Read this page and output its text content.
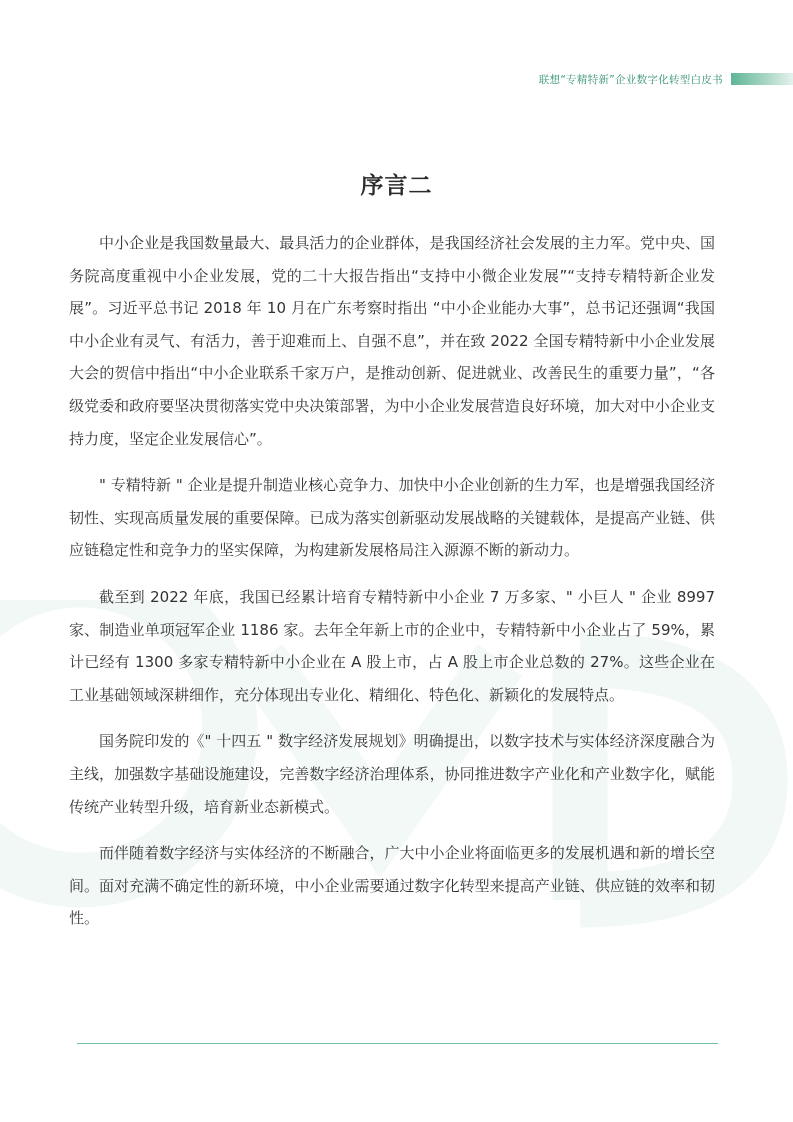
联想“专精特新”企业数字化转型白皮书
序言二

中小企业是我国数量最大、最具活力的企业群体，是我国经济社会发展的主力军。党中央、国务院高度重视中小企业发展，党的二十大报告指出“支持中小微企业发展”“支持专精特新企业发展”。习近平总书记 2018 年 10 月在广东考察时指出 “中小企业能办大事”，总书记还强调“我国中小企业有灵气、有活力，善于迎难而上、自强不息”，并在致 2022 全国专精特新中小企业发展大会的贺信中指出“中小企业联系千家万户，是推动创新、促进就业、改善民生的重要力量”，“各级党委和政府要坚决贯彻落实党中央决策部署，为中小企业发展营造良好环境，加大对中小企业支持力度，坚定企业发展信心”。

" 专精特新 " 企业是提升制造业核心竞争力、加快中小企业创新的生力军，也是增强我国经济韧性、实现高质量发展的重要保障。已成为落实创新驱动发展战略的关键载体，是提高产业链、供应链稳定性和竞争力的坚实保障，为构建新发展格局注入源源不断的新动力。

截至到 2022 年底，我国已经累计培育专精特新中小企业 7 万多家、" 小巨人 " 企业 8997 家、制造业单项冠军企业 1186 家。去年全年新上市的企业中，专精特新中小企业占了 59%，累计已经有 1300 多家专精特新中小企业在 A 股上市，占 A 股上市企业总数的 27%。这些企业在工业基础领域深耕细作，充分体现出专业化、精细化、特色化、新颖化的发展特点。

国务院印发的《" 十四五 " 数字经济发展规划》明确提出，以数字技术与实体经济深度融合为主线，加强数字基础设施建设，完善数字经济治理体系，协同推进数字产业化和产业数字化，赋能传统产业转型升级，培育新业态新模式。

而伴随着数字经济与实体经济的不断融合，广大中小企业将面临更多的发展机遇和新的增长空间。面对充满不确定性的新环境，中小企业需要通过数字化转型来提高产业链、供应链的效率和韧性。
